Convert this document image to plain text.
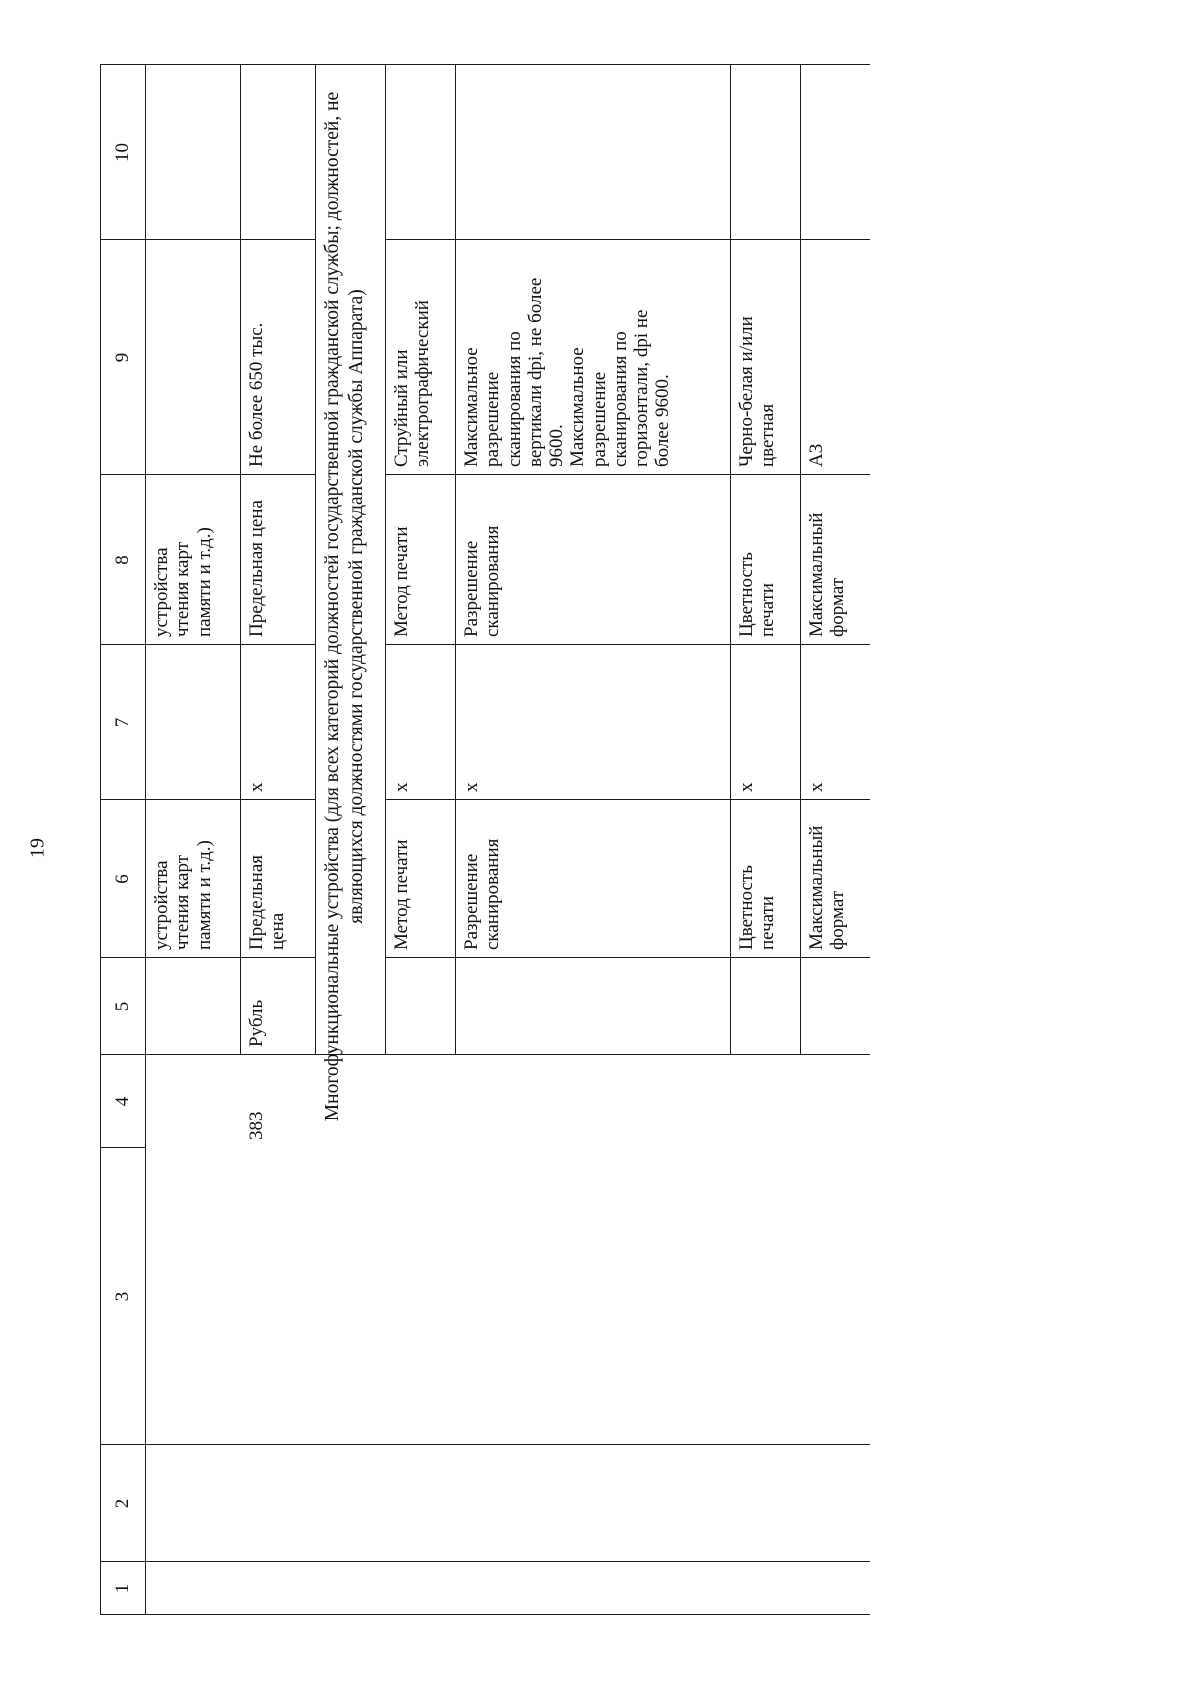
19
1
2
3
4
5
6
7
8
9
10
устройства
чтения карт
памяти и т.д.)
устройства
чтения карт
памяти и т.д.)
383
Рубль
Предельная
цена
х
Предельная цена
Не более 650 тыс.	Многофункциональные устройства (для всех категорий должностей государственной гражданской службы; должностей, не являющихся должностями государственной гражданской службы Аппарата)	Метод печати
х
Метод печати
Струйный или
электрографический
Разрешение
сканирования
х
Разрешение
сканирования
Максимальное
разрешение
сканирования по
вертикали dpi, не более
9600.
Максимальное
разрешение
сканирования по
горизонтали, dpi не
более 9600.
Цветность
печати
х
Цветность
печати
Черно-белая и/или
цветная
Максимальный
формат
х
Максимальный
формат
А3
